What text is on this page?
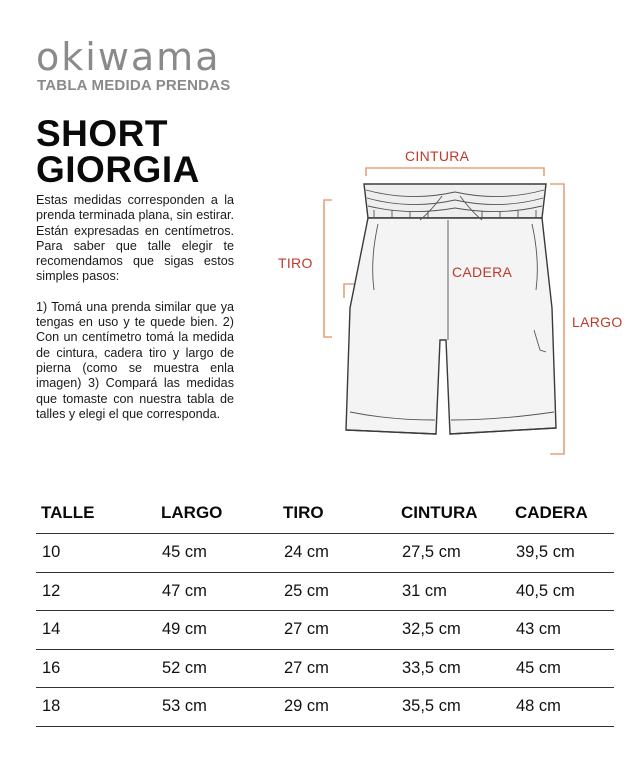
okiwama
TABLA MEDIDA PRENDAS
SHORT
GIORGIA

Estas medidas corresponden a la prenda terminada plana, sin estirar. Están expresadas en centímetros. Para saber que talle elegir te recomendamos que sigas estos simples pasos:

1) Tomá una prenda similar que ya tengas en uso y te quede bien. 2) Con un centímetro tomá la medida de cintura, cadera tiro y largo de pierna (como se muestra enla imagen) 3) Compará las medidas que tomaste con nuestra tabla de talles y elegi el que corresponda.

CINTURA
TIRO
CADERA
LARGO
TALLE	LARGO	TIRO	CINTURA	CADERA
10	45 cm	24 cm	27,5 cm	39,5 cm
12	47 cm	25 cm	31 cm	40,5 cm
14	49 cm	27 cm	32,5 cm	43 cm
16	52 cm	27 cm	33,5 cm	45 cm
18	53 cm	29 cm	35,5 cm	48 cm
